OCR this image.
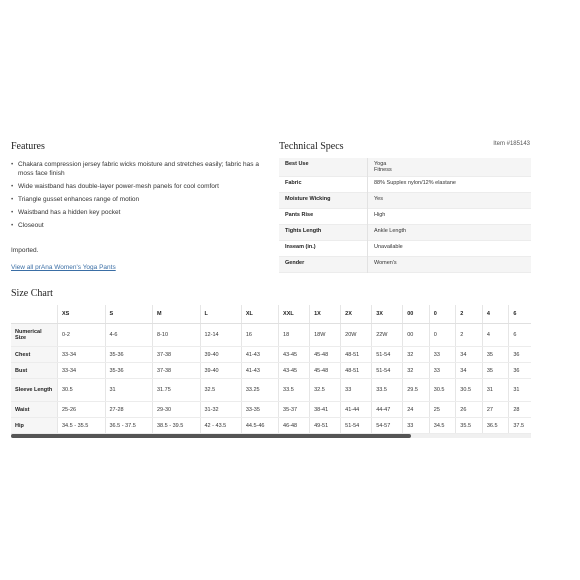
Features
• Chakara compression jersey fabric wicks moisture and stretches easily; fabric has a moss face finish
• Wide waistband has double-layer power-mesh panels for cool comfort
• Triangle gusset enhances range of motion
• Waistband has a hidden key pocket
• Closeout
Imported.
View all prAna Women's Yoga Pants
Technical Specs	Item #185143
Best Use	Yoga
Fitness

Fabric	88% Supplex nylon/12% elastane

Moisture Wicking	Yes

Pants Rise	High

Tights Length	Ankle Length

Inseam (in.)	Unavailable

Gender	Women's
Size Chart
	XS	S	M	L	XL	XXL	1X	2X	3X	00	0	2	4	6
Numerical Size	0-2	4-6	8-10	12-14	16	18	18W	20W	22W	00	0	2	4	6
Chest	33-34	35-36	37-38	39-40	41-43	43-45	45-48	48-51	51-54	32	33	34	35	36
Bust	33-34	35-36	37-38	39-40	41-43	43-45	45-48	48-51	51-54	32	33	34	35	36
Sleeve Length	30.5	31	31.75	32.5	33.25	33.5	32.5	33	33.5	29.5	30.5	30.5	31	31
Waist	25-26	27-28	29-30	31-32	33-35	35-37	38-41	41-44	44-47	24	25	26	27	28
Hip	34.5 - 35.5	36.5 - 37.5	38.5 - 39.5	42 - 43.5	44.5-46	46-48	49-51	51-54	54-57	33	34.5	35.5	36.5	37.5
